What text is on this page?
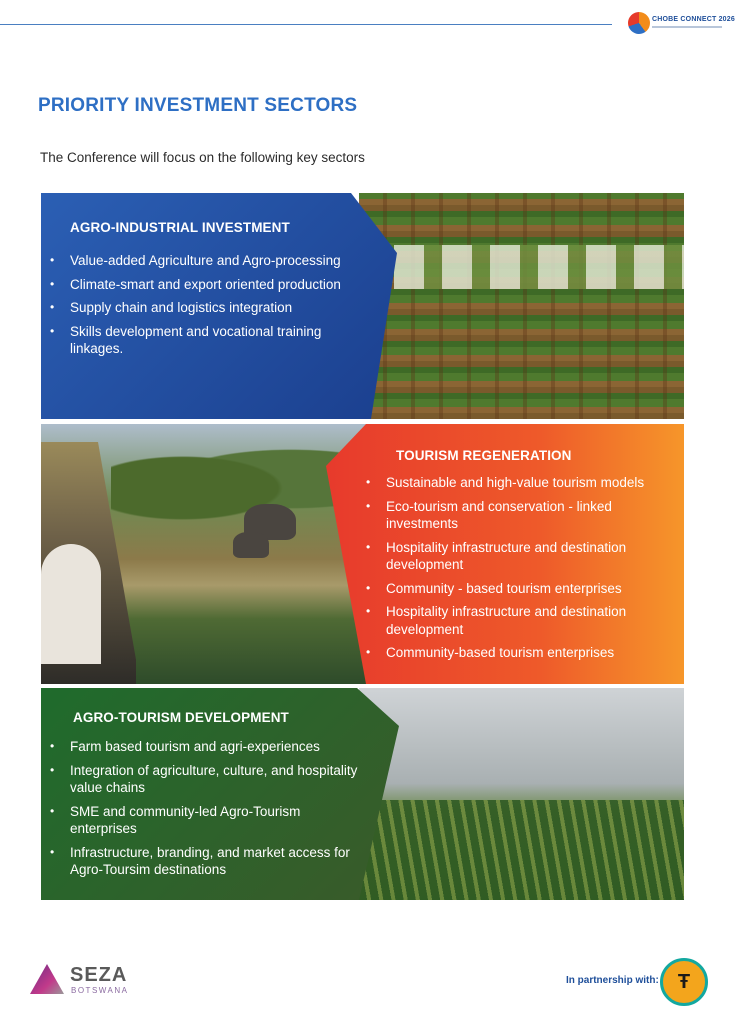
CHOBE CONNECT 2026
PRIORITY INVESTMENT SECTORS

The Conference will focus on the following key sectors

AGRO-INDUSTRIAL INVESTMENT
• Value-added Agriculture and Agro-processing
• Climate-smart and export oriented production
• Supply chain and logistics integration
• Skills development and vocational training linkages.
TOURISM REGENERATION
• Sustainable and high-value tourism models
• Eco-tourism and conservation - linked investments
• Hospitality infrastructure and destination development
• Community - based tourism enterprises
• Hospitality infrastructure and destination development
• Community-based tourism enterprises
AGRO-TOURISM DEVELOPMENT
• Farm based tourism and agri-experiences
• Integration of agriculture, culture, and hospitality value chains
• SME and community-led Agro-Tourism enterprises
• Infrastructure, branding, and market access for Agro-Toursim destinations
SEZA
BOTSWANA
In partnership with: Ŧ
